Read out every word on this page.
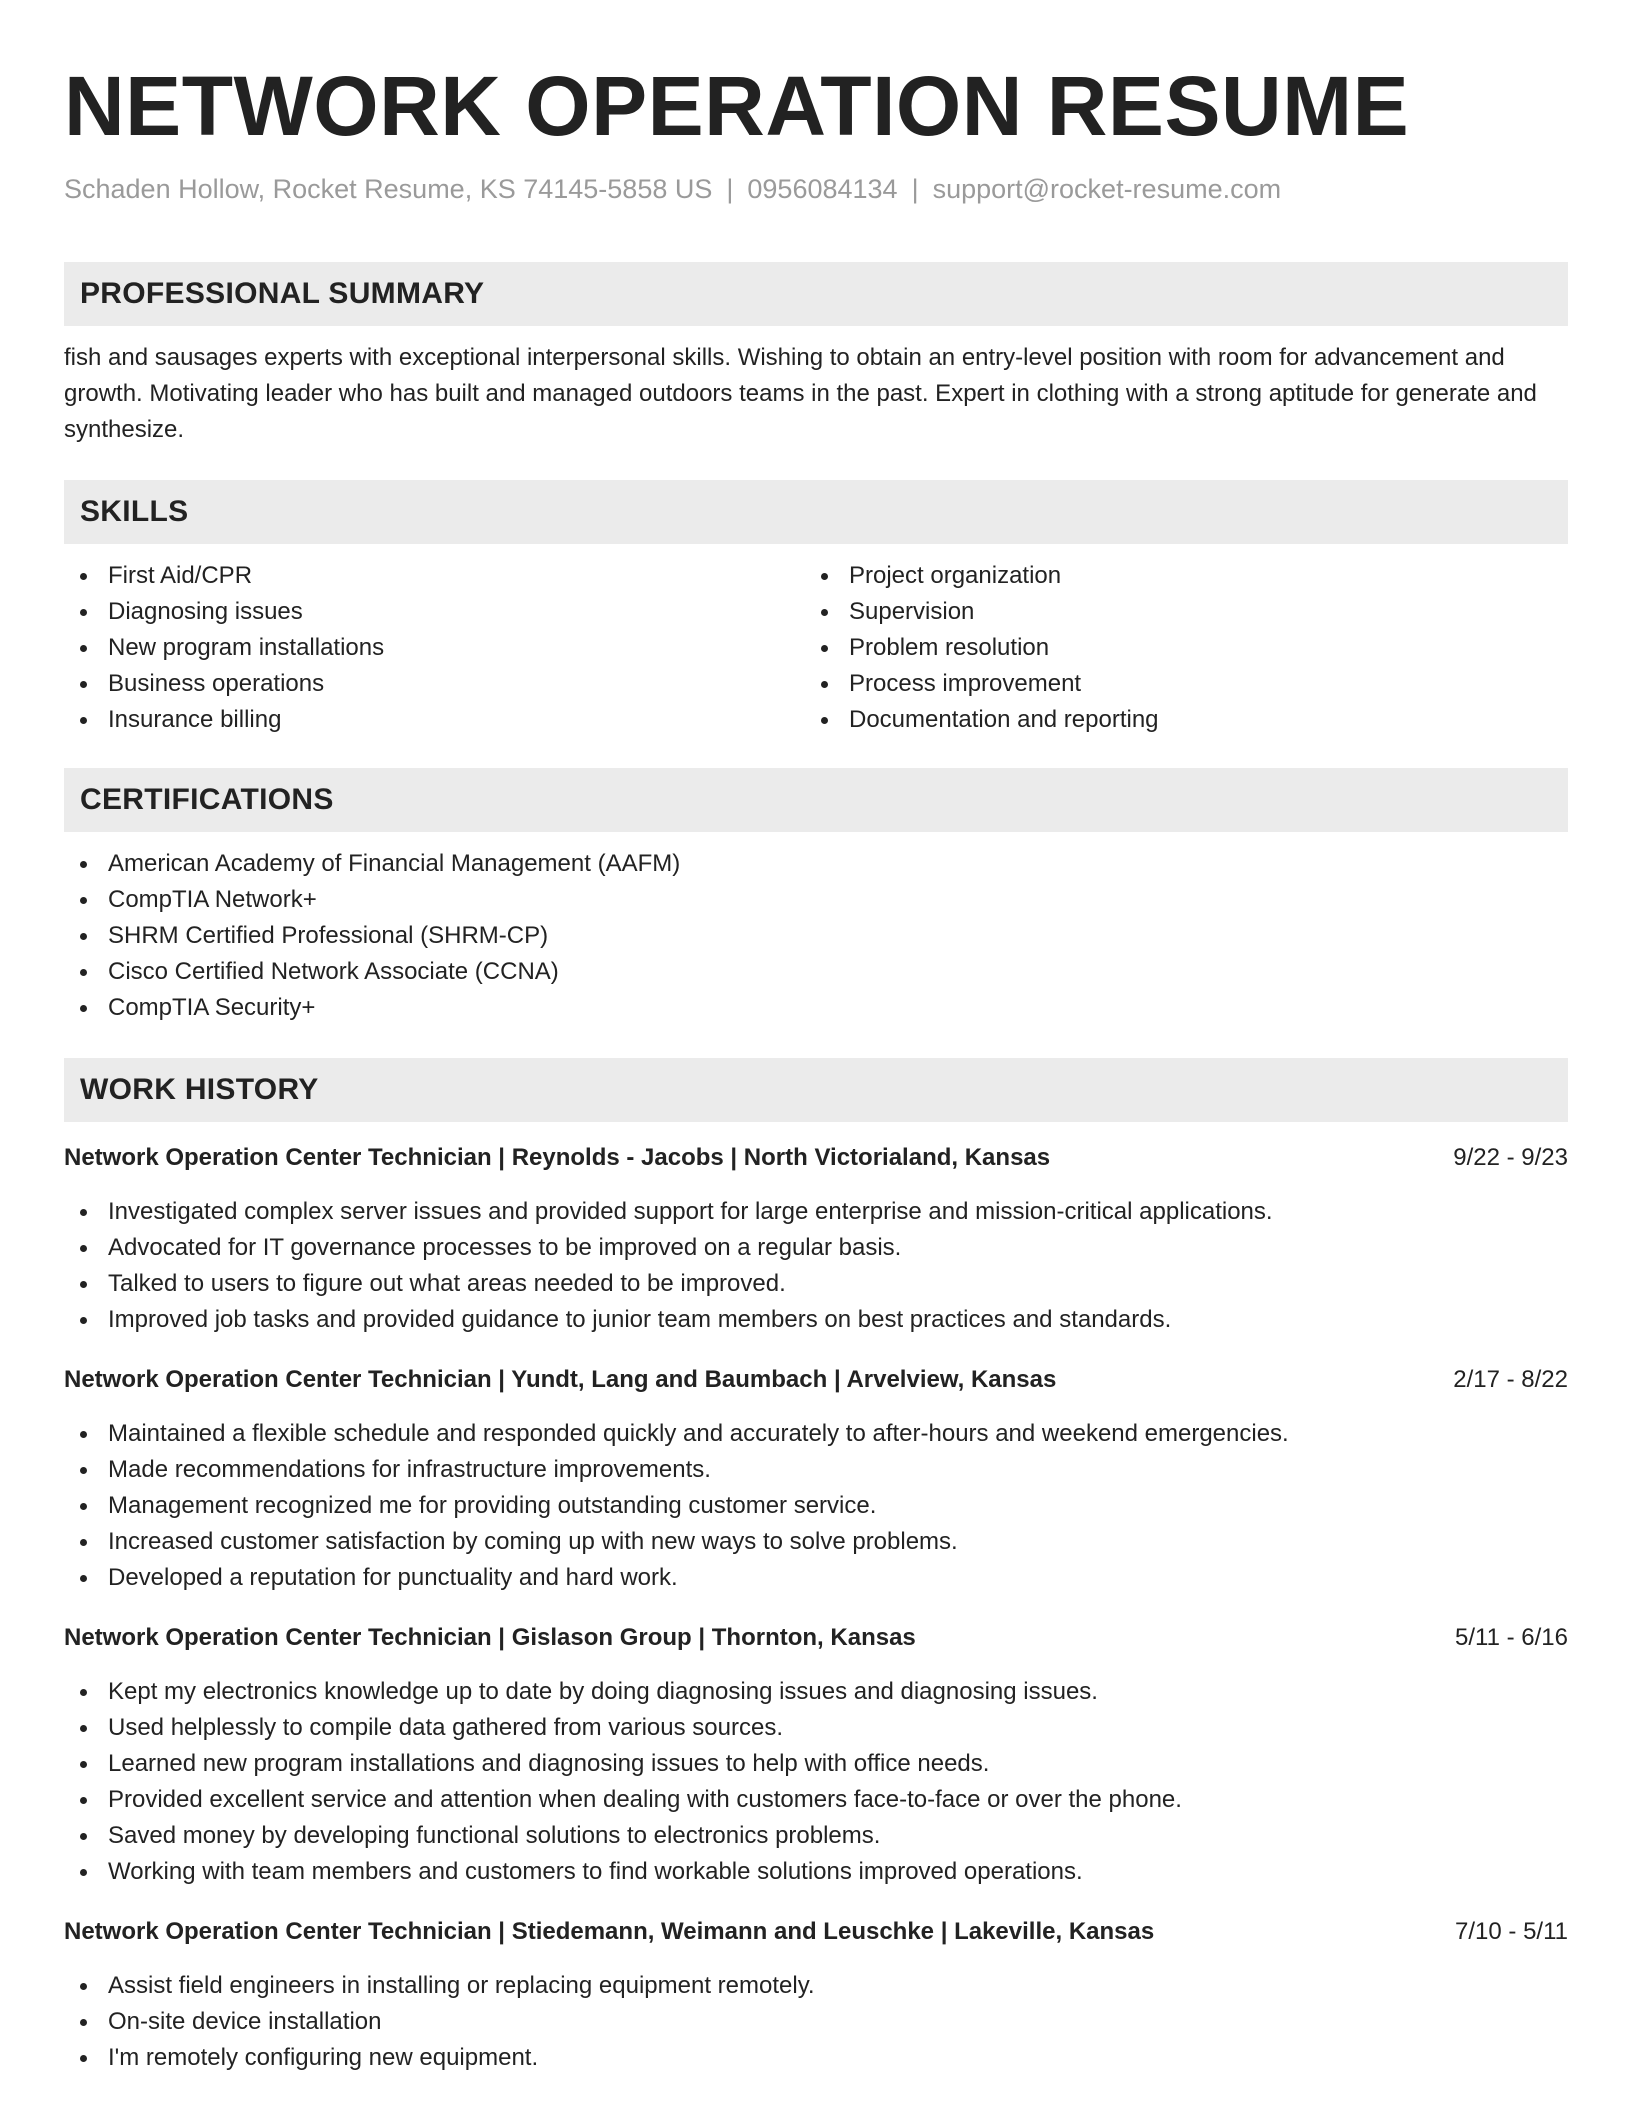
NETWORK OPERATION RESUME
Schaden Hollow, Rocket Resume, KS 74145-5858 US | 0956084134 | support@rocket-resume.com
PROFESSIONAL SUMMARY
fish and sausages experts with exceptional interpersonal skills. Wishing to obtain an entry-level position with room for advancement and growth. Motivating leader who has built and managed outdoors teams in the past. Expert in clothing with a strong aptitude for generate and synthesize.
SKILLS
First Aid/CPR
Diagnosing issues
New program installations
Business operations
Insurance billing
Project organization
Supervision
Problem resolution
Process improvement
Documentation and reporting
CERTIFICATIONS
American Academy of Financial Management (AAFM)
CompTIA Network+
SHRM Certified Professional (SHRM-CP)
Cisco Certified Network Associate (CCNA)
CompTIA Security+
WORK HISTORY
Network Operation Center Technician | Reynolds - Jacobs | North Victorialand, Kansas	9/22 - 9/23
Investigated complex server issues and provided support for large enterprise and mission-critical applications.
Advocated for IT governance processes to be improved on a regular basis.
Talked to users to figure out what areas needed to be improved.
Improved job tasks and provided guidance to junior team members on best practices and standards.
Network Operation Center Technician | Yundt, Lang and Baumbach | Arvelview, Kansas	2/17 - 8/22
Maintained a flexible schedule and responded quickly and accurately to after-hours and weekend emergencies.
Made recommendations for infrastructure improvements.
Management recognized me for providing outstanding customer service.
Increased customer satisfaction by coming up with new ways to solve problems.
Developed a reputation for punctuality and hard work.
Network Operation Center Technician | Gislason Group | Thornton, Kansas	5/11 - 6/16
Kept my electronics knowledge up to date by doing diagnosing issues and diagnosing issues.
Used helplessly to compile data gathered from various sources.
Learned new program installations and diagnosing issues to help with office needs.
Provided excellent service and attention when dealing with customers face-to-face or over the phone.
Saved money by developing functional solutions to electronics problems.
Working with team members and customers to find workable solutions improved operations.
Network Operation Center Technician | Stiedemann, Weimann and Leuschke | Lakeville, Kansas	7/10 - 5/11
Assist field engineers in installing or replacing equipment remotely.
On-site device installation
I'm remotely configuring new equipment.
